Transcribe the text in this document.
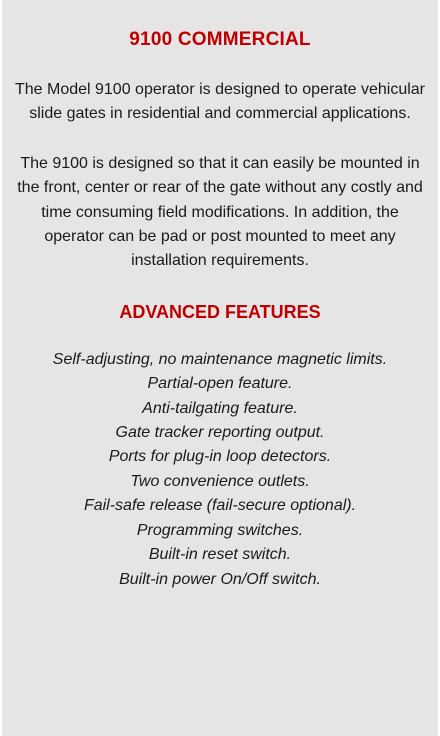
9100 COMMERCIAL

The Model 9100 operator is designed to operate vehicular slide gates in residential and commercial applications.

The 9100 is designed so that it can easily be mounted in the front, center or rear of the gate without any costly and time consuming field modifications. In addition, the operator can be pad or post mounted to meet any installation requirements.

ADVANCED FEATURES
Self-adjusting, no maintenance magnetic limits.
Partial-open feature.
Anti-tailgating feature.
Gate tracker reporting output.
Ports for plug-in loop detectors.
Two convenience outlets.
Fail-safe release (fail-secure optional).
Programming switches.
Built-in reset switch.
Built-in power On/Off switch.
